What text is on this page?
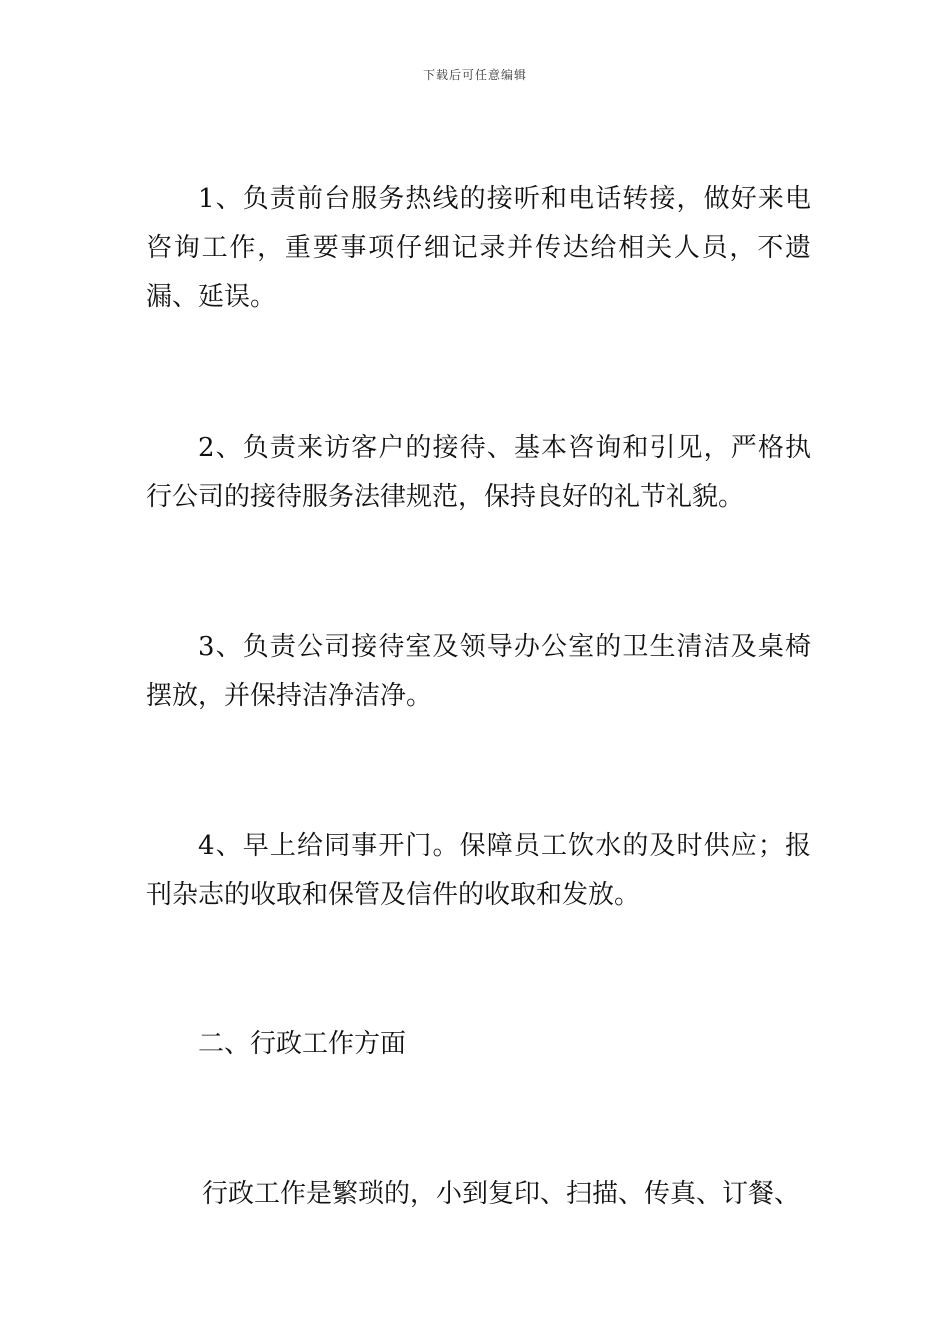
下载后可任意编辑

1、负责前台服务热线的接听和电话转接，做好来电咨询工作，重要事项仔细记录并传达给相关人员，不遗漏、延误。

2、负责来访客户的接待、基本咨询和引见，严格执行公司的接待服务法律规范，保持良好的礼节礼貌。

3、负责公司接待室及领导办公室的卫生清洁及桌椅摆放，并保持洁净洁净。

4、早上给同事开门。保障员工饮水的及时供应；报刊杂志的收取和保管及信件的收取和发放。

二、行政工作方面

行政工作是繁琐的，小到复印、扫描、传真、订餐、
